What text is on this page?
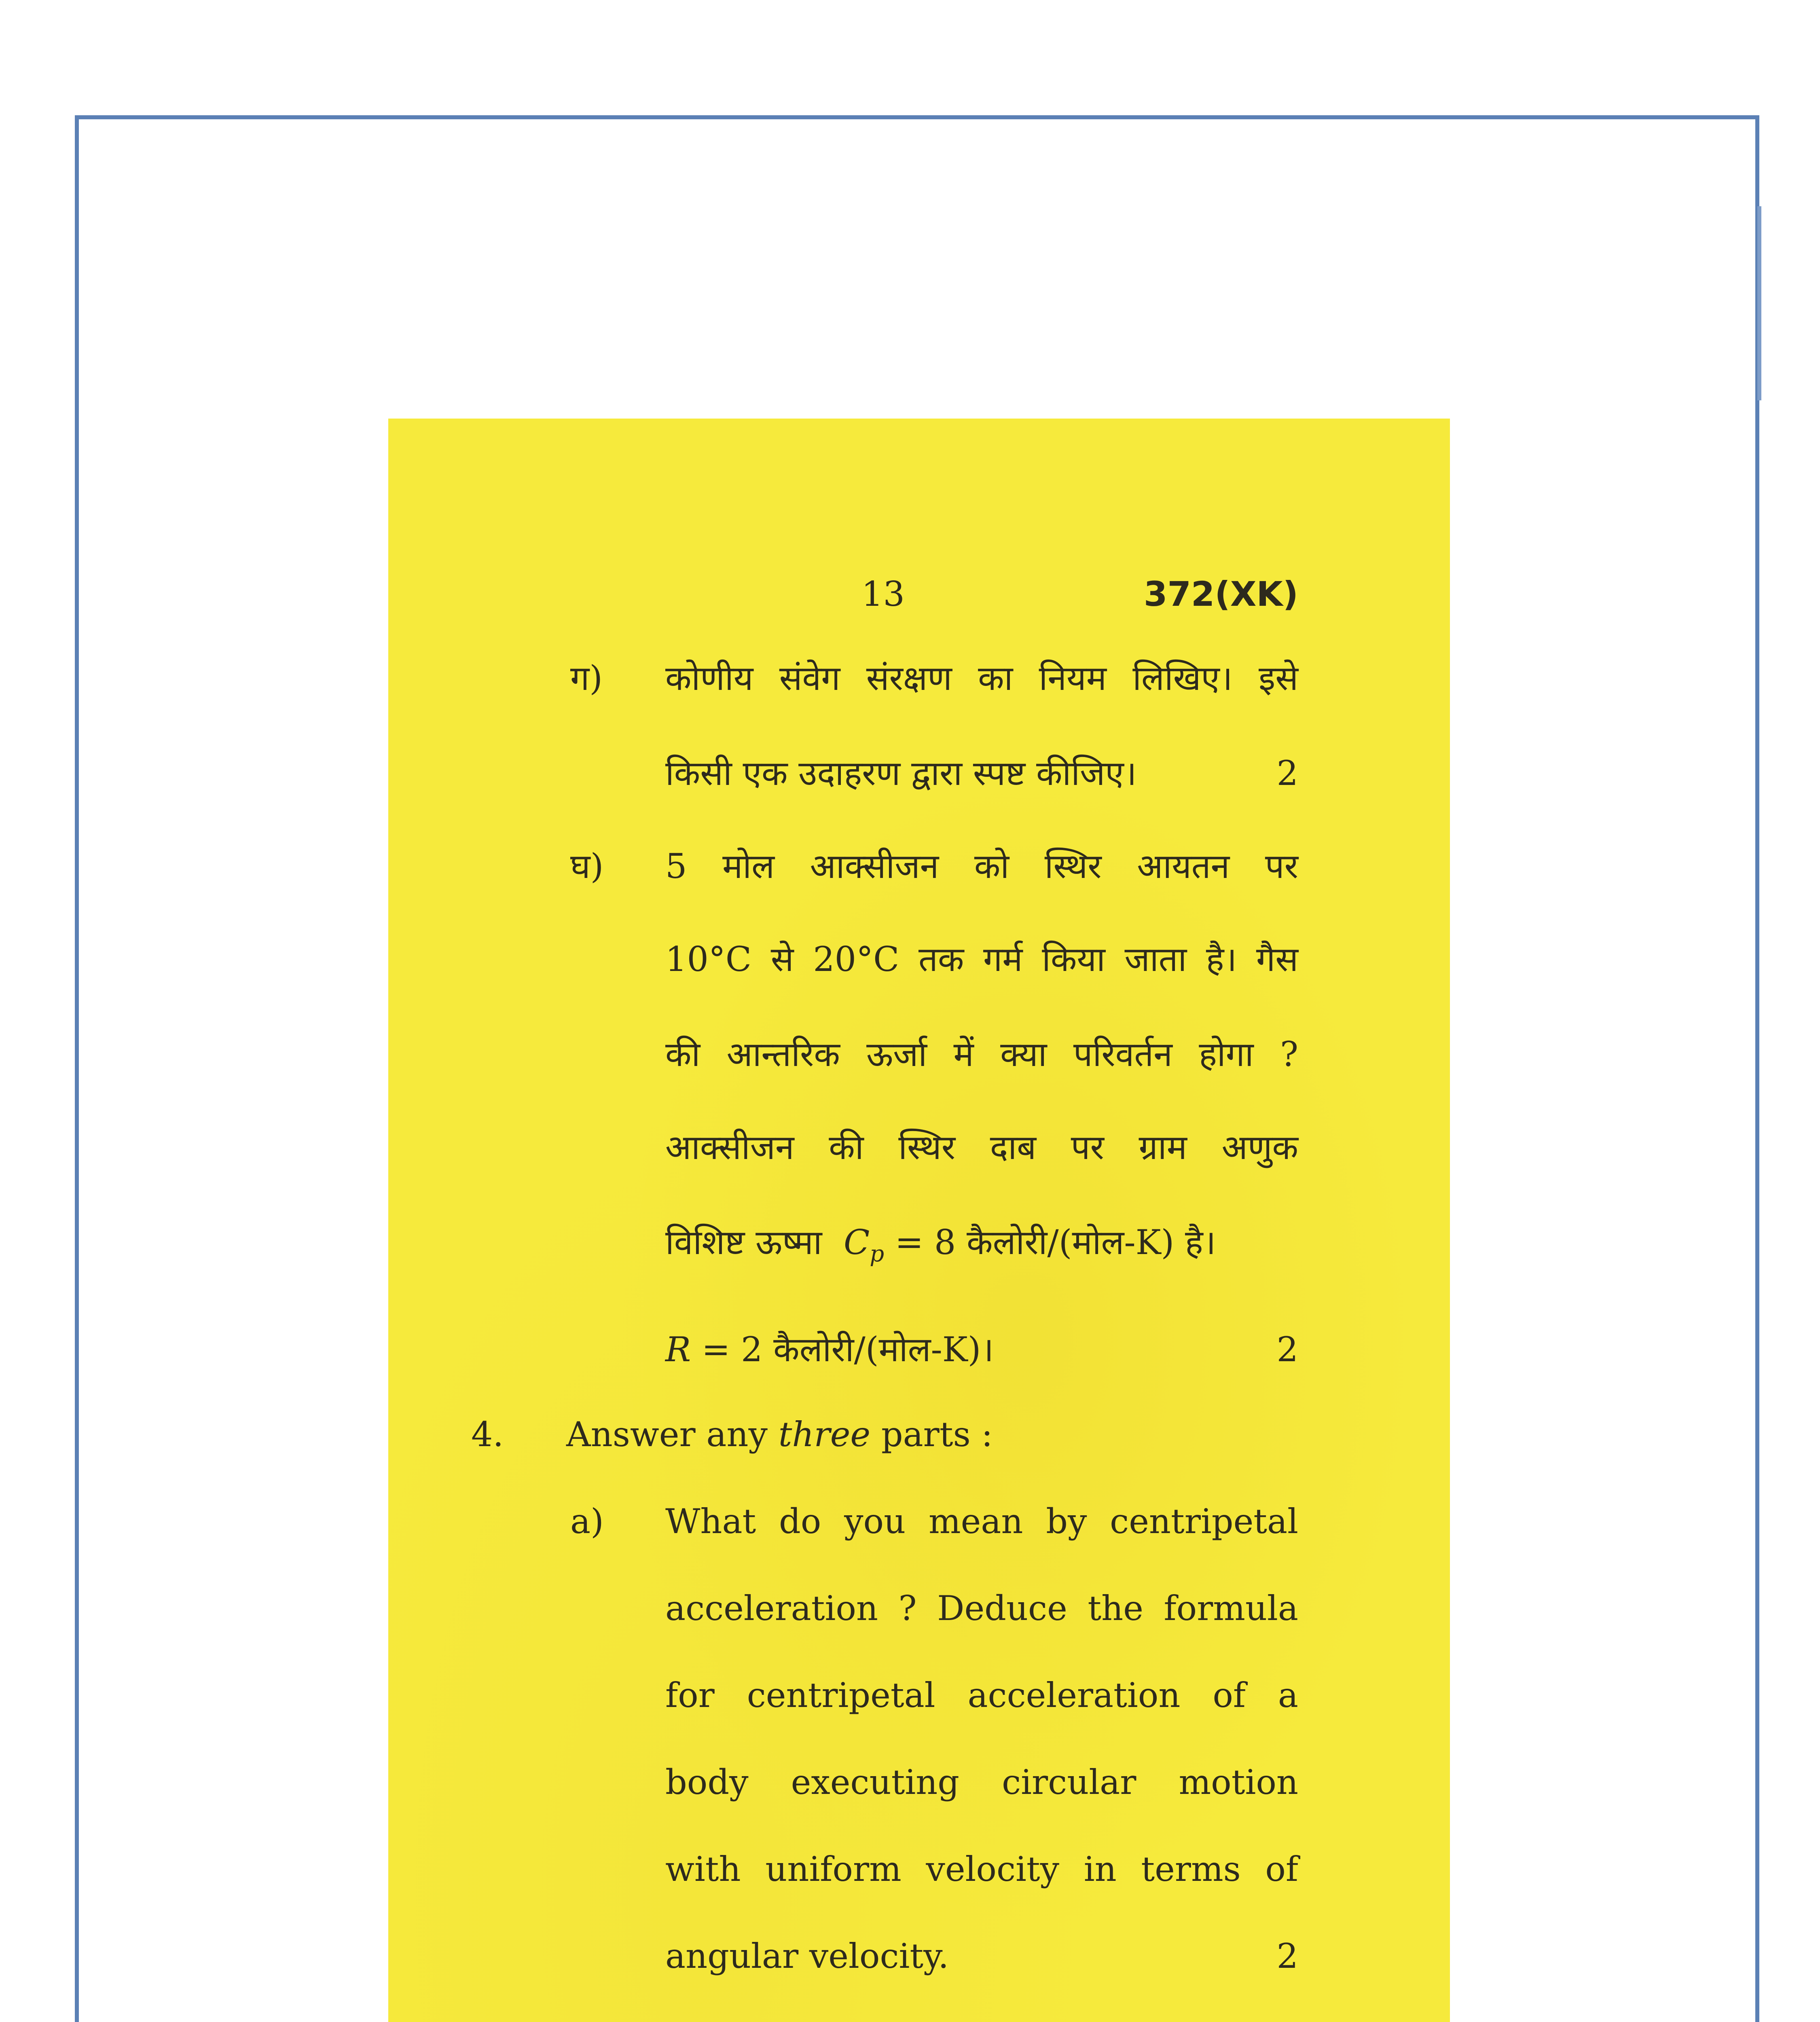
13	372(XK)
ग) कोणीय संवेग संरक्षण का नियम लिखिए। इसे
किसी एक उदाहरण द्वारा स्पष्ट कीजिए।	2
घ) 5 मोल आक्सीजन को स्थिर आयतन पर
10°C से 20°C तक गर्म किया जाता है। गैस
की आन्तरिक ऊर्जा में क्या परिवर्तन होगा ?
आक्सीजन की स्थिर दाब पर ग्राम अणुक
विशिष्ट ऊष्मा $C_p = 8$ कैलोरी/(मोल-K) है।
R = 2 कैलोरी/(मोल-K)।	2
4. Answer any three parts :
a) What do you mean by centripetal
acceleration ? Deduce the formula
for centripetal acceleration of a
body executing circular motion
with uniform velocity in terms of
angular velocity.	2
